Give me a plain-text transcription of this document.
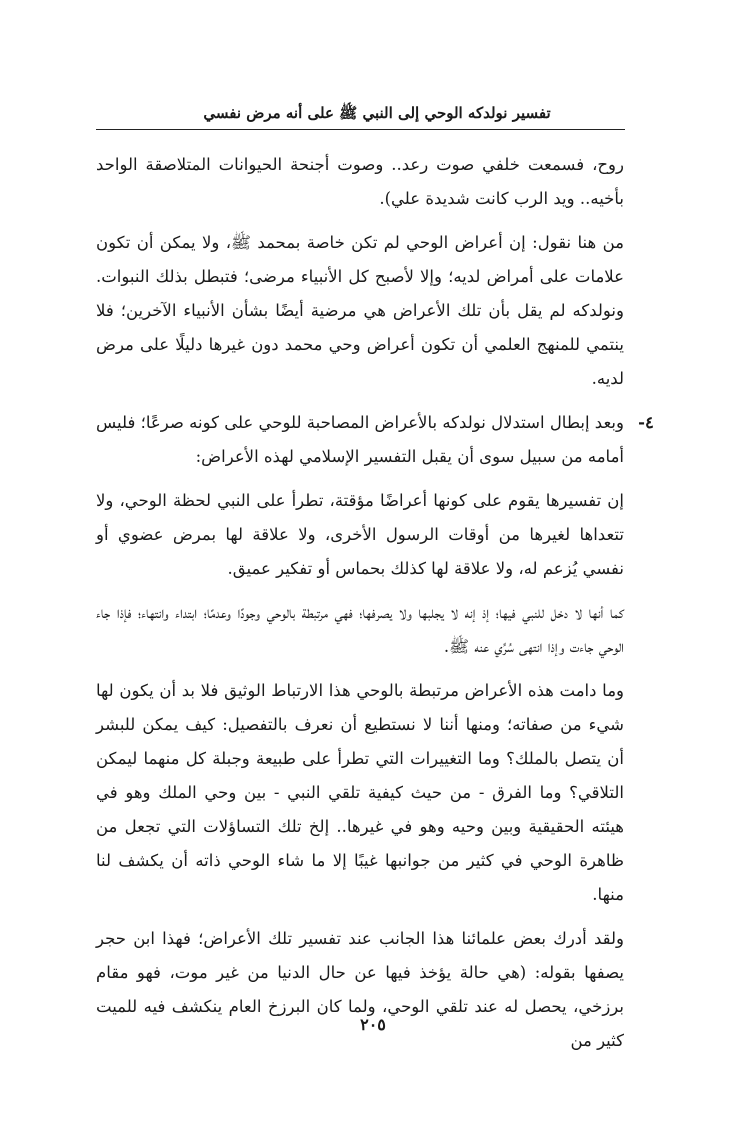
تفسير نولدكه الوحي إلى النبي ﷺ على أنه مرض نفسي

روح، فسمعت خلفي صوت رعد.. وصوت أجنحة الحيوانات المتلاصقة الواحد بأخيه.. ويد الرب كانت شديدة علي).

من هنا نقول: إن أعراض الوحي لم تكن خاصة بمحمد ﷺ، ولا يمكن أن تكون علامات على أمراض لديه؛ وإلا لأصبح كل الأنبياء مرضى؛ فتبطل بذلك النبوات. ونولدكه لم يقل بأن تلك الأعراض هي مرضية أيضًا بشأن الأنبياء الآخرين؛ فلا ينتمي للمنهج العلمي أن تكون أعراض وحي محمد دون غيرها دليلًا على مرض لديه.

٤-

وبعد إبطال استدلال نولدكه بالأعراض المصاحبة للوحي على كونه صرعًا؛ فليس أمامه من سبيل سوى أن يقبل التفسير الإسلامي لهذه الأعراض:

إن تفسيرها يقوم على كونها أعراضًا مؤقتة، تطرأ على النبي لحظة الوحي، ولا تتعداها لغيرها من أوقات الرسول الأخرى، ولا علاقة لها بمرض عضوي أو نفسي يُزعم له، ولا علاقة لها كذلك بحماس أو تفكير عميق.

كما أنها لا دخل للنبي فيها؛ إذ إنه لا يجلبها ولا يصرفها؛ فهي مرتبطة بالوحي وجودًا وعدمًا؛ ابتداء وانتهاء؛ فإذا جاء الوحي جاءت وإذا انتهى سُرِّي عنه ﷺ.

وما دامت هذه الأعراض مرتبطة بالوحي هذا الارتباط الوثيق فلا بد أن يكون لها شيء من صفاته؛ ومنها أننا لا نستطيع أن نعرف بالتفصيل: كيف يمكن للبشر أن يتصل بالملك؟ وما التغييرات التي تطرأ على طبيعة وجبلة كل منهما ليمكن التلاقي؟ وما الفرق - من حيث كيفية تلقي النبي - بين وحي الملك وهو في هيئته الحقيقية وبين وحيه وهو في غيرها.. إلخ تلك التساؤلات التي تجعل من ظاهرة الوحي في كثير من جوانبها غيبًا إلا ما شاء الوحي ذاته أن يكشف لنا منها.

ولقد أدرك بعض علمائنا هذا الجانب عند تفسير تلك الأعراض؛ فهذا ابن حجر يصفها بقوله: (هي حالة يؤخذ فيها عن حال الدنيا من غير موت، فهو مقام برزخي، يحصل له عند تلقي الوحي، ولما كان البرزخ العام ينكشف فيه للميت كثير من

٢٠٥
